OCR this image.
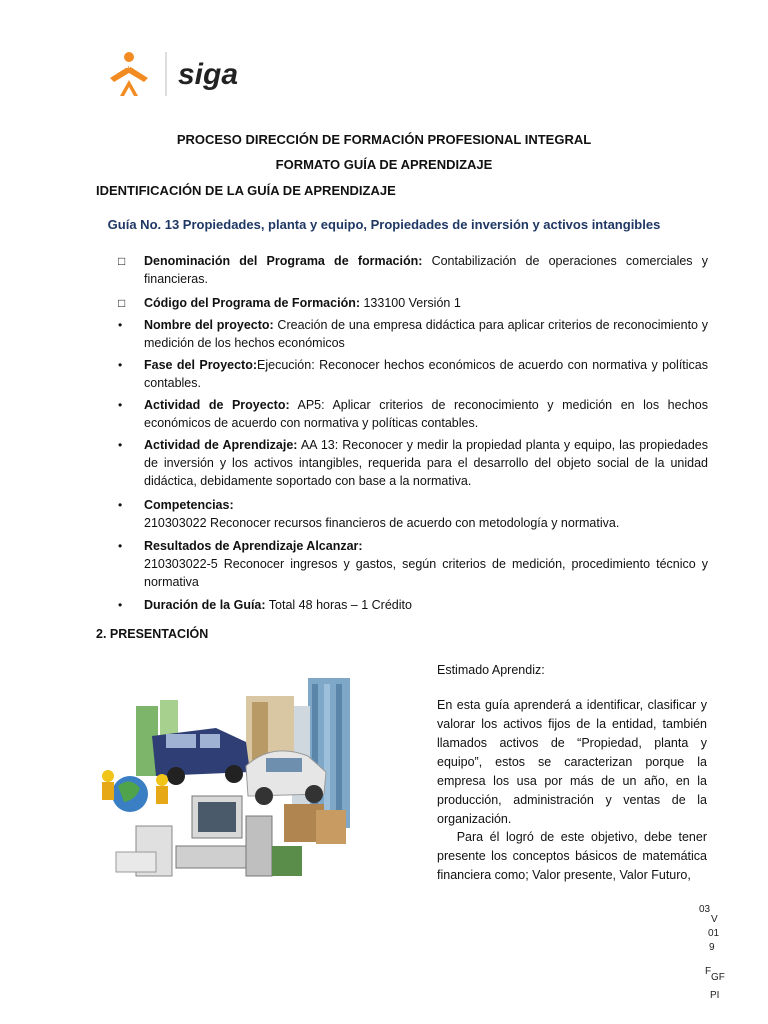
SENA siga
PROCESO DIRECCIÓN DE FORMACIÓN PROFESIONAL INTEGRAL
FORMATO GUÍA DE APRENDIZAJE
IDENTIFICACIÓN DE LA GUÍA DE APRENDIZAJE
Guía No. 13 Propiedades, planta y equipo, Propiedades de inversión y activos intangibles
□	Denominación del Programa de formación: Contabilización de operaciones comerciales y financieras.
□	Código del Programa de Formación: 133100 Versión 1
•	Nombre del proyecto: Creación de una empresa didáctica para aplicar criterios de reconocimiento y medición de los hechos económicos
•	Fase del Proyecto:Ejecución: Reconocer hechos económicos de acuerdo con normativa y políticas contables.
•	Actividad de Proyecto: AP5: Aplicar criterios de reconocimiento y medición en los hechos económicos de acuerdo con normativa y políticas contables.
•	Actividad de Aprendizaje: AA 13: Reconocer y medir la propiedad planta y equipo, las propiedades de inversión y los activos intangibles, requerida para el desarrollo del objeto social de la unidad didáctica, debidamente soportado con base a la normativa.
•	Competencias:
210303022 Reconocer recursos financieros de acuerdo con metodología y normativa.
•	Resultados de Aprendizaje Alcanzar:
210303022-5 Reconocer ingresos y gastos, según criterios de medición, procedimiento técnico y normativa
•	Duración de la Guía: Total 48 horas – 1 Crédito
2. PRESENTACIÓN
Estimado Aprendiz:
En esta guía aprenderá a identificar, clasificar y valorar los activos fijos de la entidad, también llamados activos de “Propiedad, planta y equipo”, estos se caracterizan porque la empresa los usa por más de un año, en la producción, administración y ventas de la organización.
Para él logró de este objetivo, debe tener presente los conceptos básicos de matemática financiera como; Valor presente, Valor Futuro,
03
V
01
9
F
GF
PI
